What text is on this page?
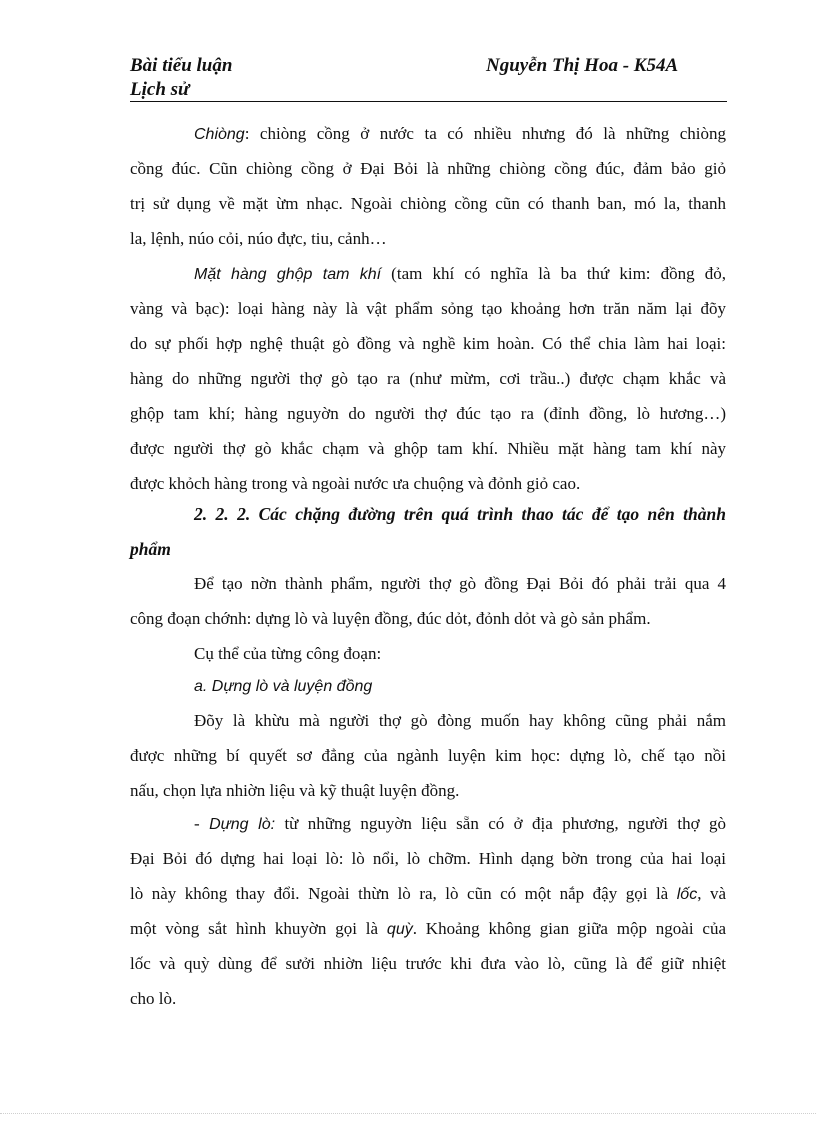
Bài tiểu luận
Lịch sử
Nguyễn Thị Hoa - K54A
Chiòng: chiòng cồng ở nước ta có nhiều nhưng đó là những chiòng
cồng đúc. Cũn chiòng cồng ở Đại Bỏi là những chiòng cồng đúc, đảm bảo giỏ
trị sử dụng về mặt ừm nhạc. Ngoài chiòng cồng cũn có thanh ban, mó la, thanh
la, lệnh, núo cỏi, núo đực, tiu, cảnh…
Mặt hàng ghộp tam khí (tam khí có nghĩa là ba thứ kim: đồng đỏ,
vàng và bạc): loại hàng này là vật phẩm sỏng tạo khoảng hơn trăn năm lại đõy
do sự phối hợp nghệ thuật gò đồng và nghề kim hoàn. Có thể chia làm hai loại:
hàng do những người thợ gò tạo ra (như mừm, cơi trầu..) được chạm khắc và
ghộp tam khí; hàng nguyờn do người thợ đúc tạo ra (đỉnh đồng, lò hương…)
được người thợ gò khắc chạm và ghộp tam khí. Nhiều mặt hàng tam khí này
được khỏch hàng trong và ngoài nước ưa chuộng và đỏnh giỏ cao.
2. 2. 2. Các chặng đường trên quá trình thao tác để tạo nên thành
phẩm
Để tạo nờn thành phẩm, người thợ gò đồng Đại Bỏi đó phải trải qua 4
công đoạn chớnh: dựng lò và luyện đồng, đúc dỏt, đỏnh dỏt và gò sản phẩm.
Cụ thể của từng công đoạn:
a. Dựng lò và luyện đồng
Đõy là khừu mà người thợ gò đòng muốn hay không cũng phải nắm
được những bí quyết sơ đẳng của ngành luyện kim học: dựng lò, chế tạo nồi
nấu, chọn lựa nhiờn liệu và kỹ thuật luyện đồng.
- Dựng lò: từ những nguyờn liệu sẵn có ở địa phương, người thợ gò
Đại Bỏi đó dựng hai loại lò: lò nổi, lò chỡm. Hình dạng bờn trong của hai loại
lò này không thay đổi. Ngoài thừn lò ra, lò cũn có một nắp đậy gọi là lốc, và
một vòng sắt hình khuyờn gọi là quỳ. Khoảng không gian giữa mộp ngoài của
lốc và quỳ dùng để sưởi nhiờn liệu trước khi đưa vào lò, cũng là để giữ nhiệt
cho lò.
